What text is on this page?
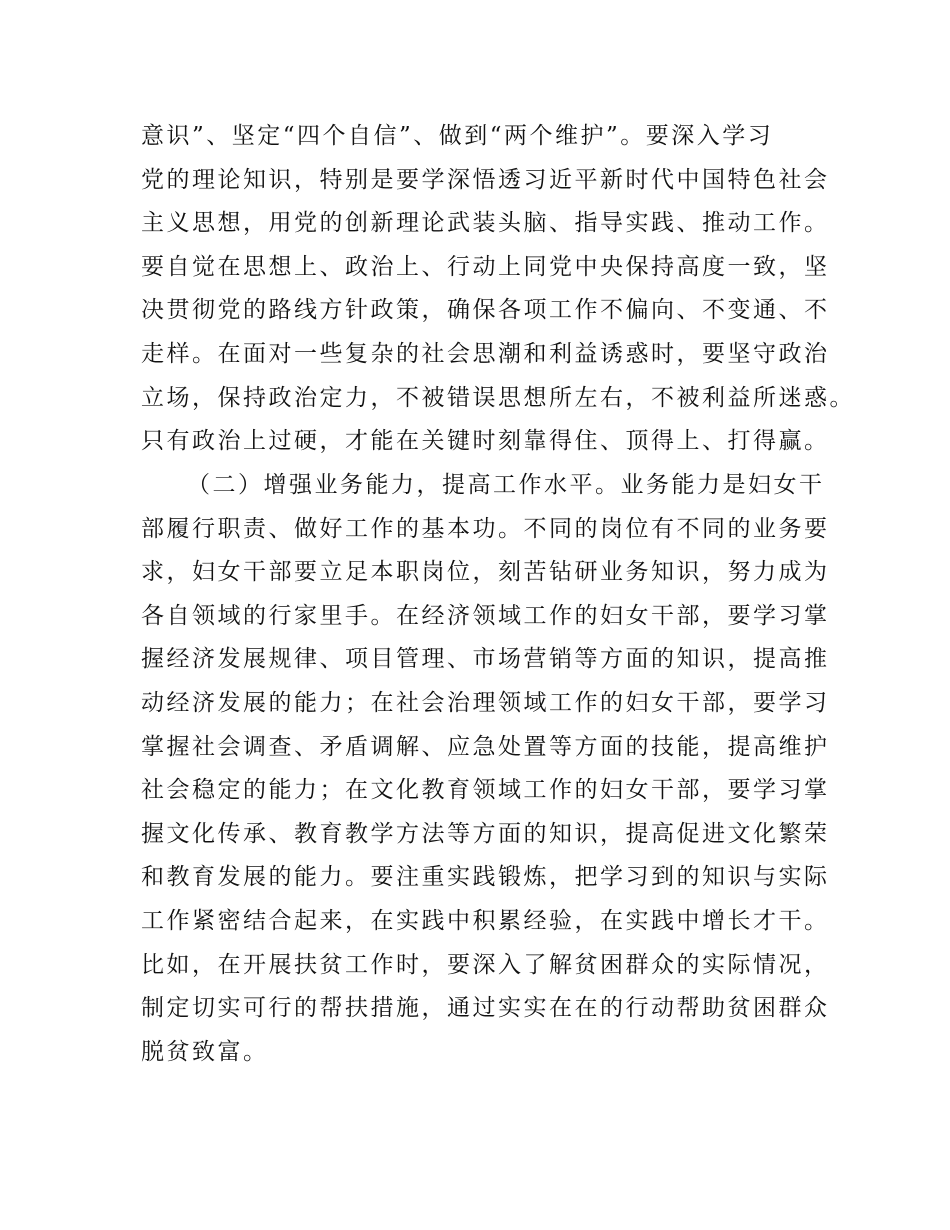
意识”、坚定“四个自信”、做到“两个维护”。要深入学习
党的理论知识，特别是要学深悟透习近平新时代中国特色社会
主义思想，用党的创新理论武装头脑、指导实践、推动工作。
要自觉在思想上、政治上、行动上同党中央保持高度一致，坚
决贯彻党的路线方针政策，确保各项工作不偏向、不变通、不
走样。在面对一些复杂的社会思潮和利益诱惑时，要坚守政治
立场，保持政治定力，不被错误思想所左右，不被利益所迷惑。
只有政治上过硬，才能在关键时刻靠得住、顶得上、打得赢。
（二）增强业务能力，提高工作水平。业务能力是妇女干
部履行职责、做好工作的基本功。不同的岗位有不同的业务要
求，妇女干部要立足本职岗位，刻苦钻研业务知识，努力成为
各自领域的行家里手。在经济领域工作的妇女干部，要学习掌
握经济发展规律、项目管理、市场营销等方面的知识，提高推
动经济发展的能力；在社会治理领域工作的妇女干部，要学习
掌握社会调查、矛盾调解、应急处置等方面的技能，提高维护
社会稳定的能力；在文化教育领域工作的妇女干部，要学习掌
握文化传承、教育教学方法等方面的知识，提高促进文化繁荣
和教育发展的能力。要注重实践锻炼，把学习到的知识与实际
工作紧密结合起来，在实践中积累经验，在实践中增长才干。
比如，在开展扶贫工作时，要深入了解贫困群众的实际情况，
制定切实可行的帮扶措施，通过实实在在的行动帮助贫困群众
脱贫致富。
